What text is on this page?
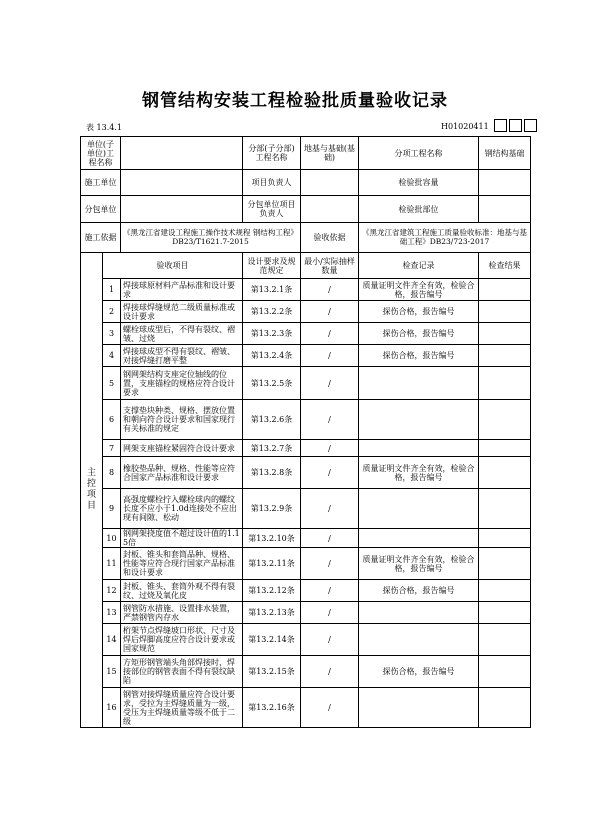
钢管结构安装工程检验批质量验收记录
表 13.4.1	H01020411
单位(子单位)工程名称			分部(子分部)工程名称	地基与基础(基础)	分项工程名称	钢结构基础
施工单位			项目负责人		检验批容量	
分包单位			分包单位项目负责人		检验批部位	
施工依据		《黑龙江省建设工程施工操作技术规程 钢结构工程》DB23/T1621.7-2015		验收依据	《黑龙江省建筑工程施工质量验收标准：地基与基础工程》DB23/723-2017	
主控项目	验收项目		设计要求及规范规定	最小/实际抽样数量	检查记录	检查结果
	1	焊接球原材料产品标准和设计要求	第13.2.1条	/	质量证明文件齐全有效，检验合格，报告编号	
	2	焊接球焊缝规范二级质量标准或设计要求	第13.2.2条	/	探伤合格，报告编号	
	3	螺栓球成型后，不得有裂纹、褶皱、过烧	第13.2.3条	/	探伤合格，报告编号	
	4	焊接球成型不得有裂纹、褶皱、对接焊缝打磨平整	第13.2.4条	/	探伤合格，报告编号	
	5	钢网架结构支座定位轴线的位置，支座锚栓的规格应符合设计要求	第13.2.5条	/		
	6	支撑垫块种类、规格、摆放位置和朝向符合设计要求和国家现行有关标准的规定	第13.2.6条	/		
	7	网架支座锚栓紧固符合设计要求	第13.2.7条	/		
	8	橡胶垫品种、规格、性能等应符合国家产品标准和设计要求	第13.2.8条	/	质量证明文件齐全有效，检验合格，报告编号	
	9	高强度螺栓拧入螺栓球内的螺纹长度不应小于1.0d连接处不应出现有间隙、松动	第13.2.9条	/		
	10	钢网架挠度值不超过设计值的1.15倍	第13.2.10条	/		
	11	封板、锥头和套筒品种、规格、性能等应符合现行国家产品标准和设计要求	第13.2.11条	/	质量证明文件齐全有效，检验合格，报告编号	
	12	封板、锥头、套筒外观不得有裂纹、过烧及氧化皮	第13.2.12条	/	探伤合格，报告编号	
	13	钢管防水措施、设置排水装置，严禁钢管内存水	第13.2.13条	/		
	14	桁架节点焊缝坡口形状、尺寸及焊后焊脚高度应符合设计要求或国家规范	第13.2.14条	/		
	15	方矩形钢管端头角部焊接时，焊接部位的钢管表面不得有裂纹缺陷	第13.2.15条	/	探伤合格，报告编号	
	16	钢管对接焊缝质量应符合设计要求，受拉为主焊缝质量为一级，受压为主焊缝质量等级不低于二级	第13.2.16条	/		
